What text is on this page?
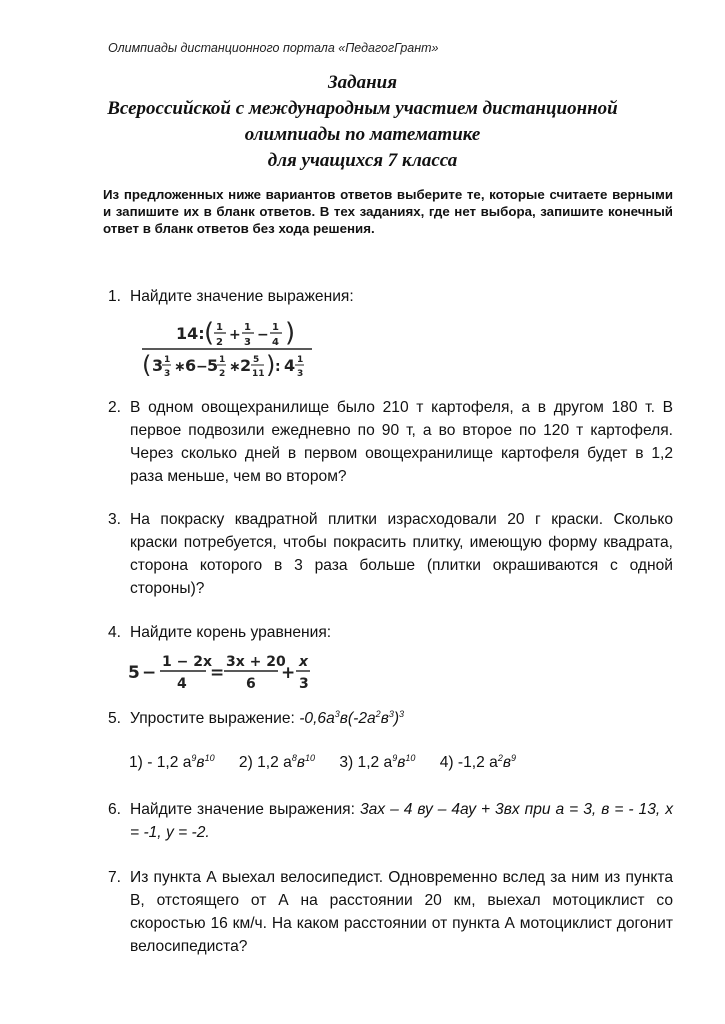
Олимпиады дистанционного портала «ПедагогГрант»
Задания
Всероссийской с международным участием дистанционной
олимпиады по математике
для учащихся 7 класса
Из предложенных ниже вариантов ответов выберите те, которые считаете верными и запишите их в бланк ответов. В тех заданиях, где нет выбора, запишите конечный ответ в бланк ответов без хода решения.
1. Найдите значение выражения:
14: ( 1
2 + 1
3 − 1
4 )
( 3 1
3 ∗ 6 − 5 1
2 ∗ 2 5
11 ) : 4 1
3
2. В одном овощехранилище было 210 т картофеля, а в другом 180 т. В первое подвозили ежедневно по 90 т, а во второе по 120 т картофеля. Через сколько дней в первом овощехранилище картофеля будет в 1,2 раза меньше, чем во втором?
3. На покраску квадратной плитки израсходовали 20 г краски. Сколько краски потребуется, чтобы покрасить плитку, имеющую форму квадрата, сторона которого в 3 раза больше (плитки окрашиваются с одной стороны)?
4. Найдите корень уравнения:
5 −
1 − 2x
4
=
3x + 20
6
+
x
3
5. Упростите выражение: $-0,6а^3в(-2а^2в^3)^3$
1) - 1,2 $а^9в^{10}$ 2) 1,2 $а^8в^{10}$ 3) 1,2 $а^9в^{10}$ 4) -1,2 $а^2в^9$
6. Найдите значение выражения: 3ах – 4 ву – 4ау + 3вх при а = 3, в = - 13, х = -1, у = -2.
7. Из пункта А выехал велосипедист. Одновременно вслед за ним из пункта В, отстоящего от А на расстоянии 20 км, выехал мотоциклист со скоростью 16 км/ч. На каком расстоянии от пункта А мотоциклист догонит велосипедиста?
